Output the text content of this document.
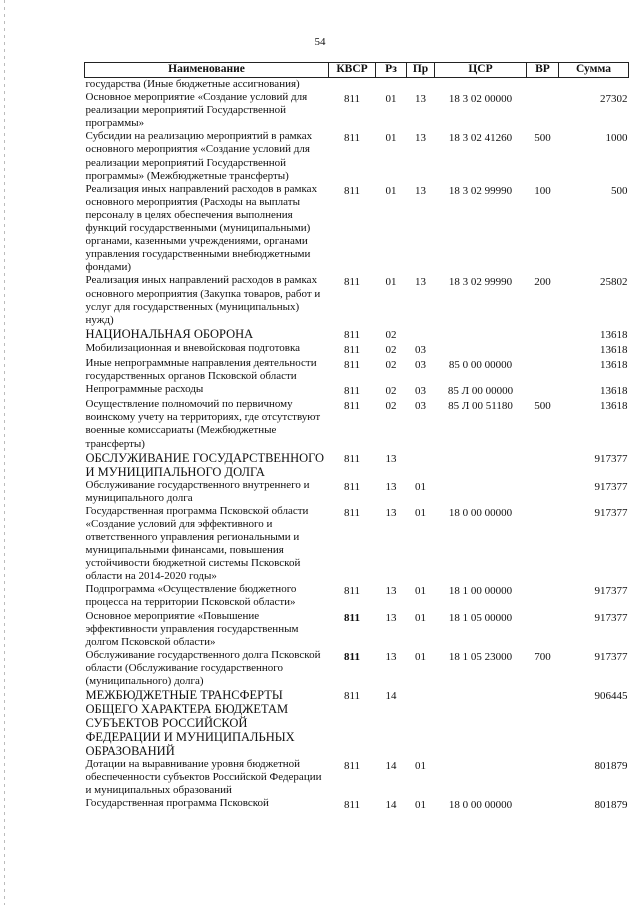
54
Наименование	КВСР	Рз	Пр	ЦСР	ВР	Сумма
государства (Иные бюджетные ассигнования)						
Основное мероприятие «Создание условий для реализации мероприятий Государственной программы»	811	01	13	18 3 02 00000		27302
Субсидии на реализацию мероприятий в рамках основного мероприятия «Создание условий для реализации мероприятий Государственной программы» (Межбюджетные трансферты)	811	01	13	18 3 02 41260	500	1000
Реализация иных направлений расходов в рамках основного мероприятия (Расходы на выплаты персоналу в целях обеспечения выполнения функций государственными (муниципальными) органами, казенными учреждениями, органами управления государственными внебюджетными фондами)	811	01	13	18 3 02 99990	100	500
Реализация иных направлений расходов в рамках основного мероприятия (Закупка товаров, работ и услуг для государственных (муниципальных) нужд)	811	01	13	18 3 02 99990	200	25802
НАЦИОНАЛЬНАЯ ОБОРОНА	811	02				13618
Мобилизационная и вневойсковая подготовка	811	02	03			13618
Иные непрограммные направления деятельности государственных органов Псковской области	811	02	03	85 0 00 00000		13618
Непрограммные расходы	811	02	03	85 Л 00 00000		13618
Осуществление полномочий по первичному воинскому учету на территориях, где отсутствуют военные комиссариаты (Межбюджетные трансферты)	811	02	03	85 Л 00 51180	500	13618
ОБСЛУЖИВАНИЕ ГОСУДАРСТВЕННОГО И МУНИЦИПАЛЬНОГО ДОЛГА	811	13				917377
Обслуживание государственного внутреннего и муниципального долга	811	13	01			917377
Государственная программа Псковской области «Создание условий для эффективного и ответственного управления региональными и муниципальными финансами, повышения устойчивости бюджетной системы Псковской области на 2014-2020 годы»	811	13	01	18 0 00 00000		917377
Подпрограмма «Осуществление бюджетного процесса на территории Псковской области»	811	13	01	18 1 00 00000		917377
Основное мероприятие «Повышение эффективности управления государственным долгом Псковской области»	811	13	01	18 1 05 00000		917377
Обслуживание государственного долга Псковской области (Обслуживание государственного (муниципального) долга)	811	13	01	18 1 05 23000	700	917377
МЕЖБЮДЖЕТНЫЕ ТРАНСФЕРТЫ ОБЩЕГО ХАРАКТЕРА БЮДЖЕТАМ СУБЪЕКТОВ РОССИЙСКОЙ ФЕДЕРАЦИИ И МУНИЦИПАЛЬНЫХ ОБРАЗОВАНИЙ	811	14				906445
Дотации на выравнивание уровня бюджетной обеспеченности субъектов Российской Федерации и муниципальных образований	811	14	01			801879
Государственная программа Псковской	811	14	01	18 0 00 00000		801879
